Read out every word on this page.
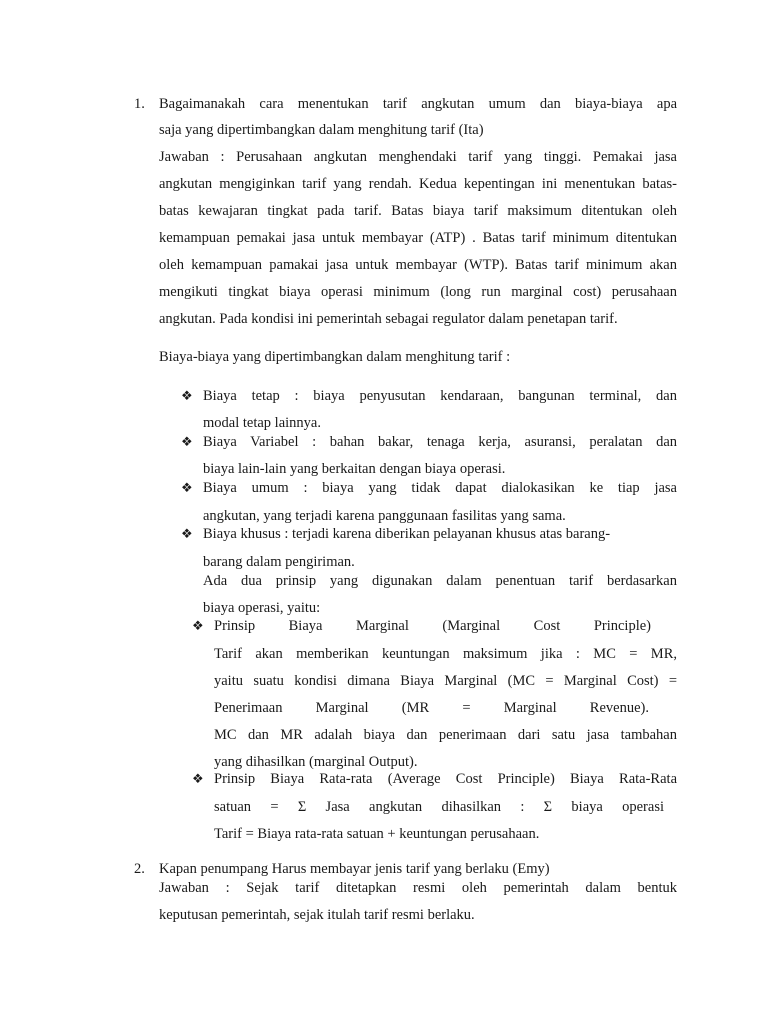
1. Bagaimanakah cara menentukan tarif angkutan umum dan biaya-biaya apa
saja yang dipertimbangkan dalam menghitung tarif (Ita)
Jawaban : Perusahaan angkutan menghendaki tarif yang tinggi. Pemakai jasa
angkutan mengiginkan tarif yang rendah. Kedua kepentingan ini menentukan batas-
batas kewajaran tingkat pada tarif. Batas biaya tarif maksimum ditentukan oleh
kemampuan pemakai jasa untuk membayar (ATP) . Batas tarif minimum ditentukan
oleh kemampuan pamakai jasa untuk membayar (WTP). Batas tarif minimum akan
mengikuti tingkat biaya operasi minimum (long run marginal cost) perusahaan
angkutan. Pada kondisi ini pemerintah sebagai regulator dalam penetapan tarif.
Biaya-biaya yang dipertimbangkan dalam menghitung tarif :
❖ Biaya tetap : biaya penyusutan kendaraan, bangunan terminal, dan
modal tetap lainnya.
❖ Biaya Variabel : bahan bakar, tenaga kerja, asuransi, peralatan dan
biaya lain-lain yang berkaitan dengan biaya operasi.
❖ Biaya umum : biaya yang tidak dapat dialokasikan ke tiap jasa
angkutan, yang terjadi karena panggunaan fasilitas yang sama.
❖ Biaya khusus : terjadi karena diberikan pelayanan khusus atas barang-
barang dalam pengiriman.
Ada dua prinsip yang digunakan dalam penentuan tarif berdasarkan
biaya operasi, yaitu:
❖ Prinsip Biaya Marginal (Marginal Cost Principle)
Tarif akan memberikan keuntungan maksimum jika : MC = MR,
yaitu suatu kondisi dimana Biaya Marginal (MC = Marginal Cost) =
Penerimaan Marginal (MR = Marginal Revenue).
MC dan MR adalah biaya dan penerimaan dari satu jasa tambahan
yang dihasilkan (marginal Output).
❖ Prinsip Biaya Rata-rata (Average Cost Principle) Biaya Rata-Rata
satuan = Σ Jasa angkutan dihasilkan : Σ biaya operasi
Tarif = Biaya rata-rata satuan + keuntungan perusahaan.
2. Kapan penumpang Harus membayar jenis tarif yang berlaku (Emy)
Jawaban : Sejak tarif ditetapkan resmi oleh pemerintah dalam bentuk
keputusan pemerintah, sejak itulah tarif resmi berlaku.
